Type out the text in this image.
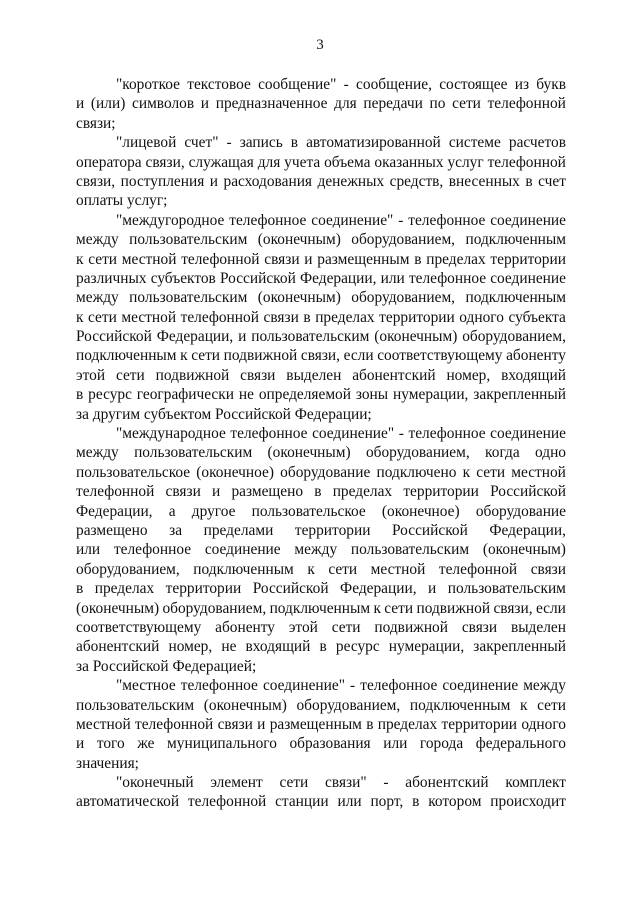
3
"короткое текстовое сообщение" - сообщение, состоящее из букв
и (или) символов и предназначенное для передачи по сети телефонной
связи;
"лицевой счет" - запись в автоматизированной системе расчетов
оператора связи, служащая для учета объема оказанных услуг телефонной
связи, поступления и расходования денежных средств, внесенных в счет
оплаты услуг;
"междугородное телефонное соединение" - телефонное соединение
между пользовательским (оконечным) оборудованием, подключенным
к сети местной телефонной связи и размещенным в пределах территории
различных субъектов Российской Федерации, или телефонное соединение
между пользовательским (оконечным) оборудованием, подключенным
к сети местной телефонной связи в пределах территории одного субъекта
Российской Федерации, и пользовательским (оконечным) оборудованием,
подключенным к сети подвижной связи, если соответствующему абоненту
этой сети подвижной связи выделен абонентский номер, входящий
в ресурс географически не определяемой зоны нумерации, закрепленный
за другим субъектом Российской Федерации;
"международное телефонное соединение" - телефонное соединение
между пользовательским (оконечным) оборудованием, когда одно
пользовательское (оконечное) оборудование подключено к сети местной
телефонной связи и размещено в пределах территории Российской
Федерации, а другое пользовательское (оконечное) оборудование
размещено за пределами территории Российской Федерации,
или телефонное соединение между пользовательским (оконечным)
оборудованием, подключенным к сети местной телефонной связи
в пределах территории Российской Федерации, и пользовательским
(оконечным) оборудованием, подключенным к сети подвижной связи, если
соответствующему абоненту этой сети подвижной связи выделен
абонентский номер, не входящий в ресурс нумерации, закрепленный
за Российской Федерацией;
"местное телефонное соединение" - телефонное соединение между
пользовательским (оконечным) оборудованием, подключенным к сети
местной телефонной связи и размещенным в пределах территории одного
и того же муниципального образования или города федерального
значения;
"оконечный элемент сети связи" - абонентский комплект
автоматической телефонной станции или порт, в котором происходит
